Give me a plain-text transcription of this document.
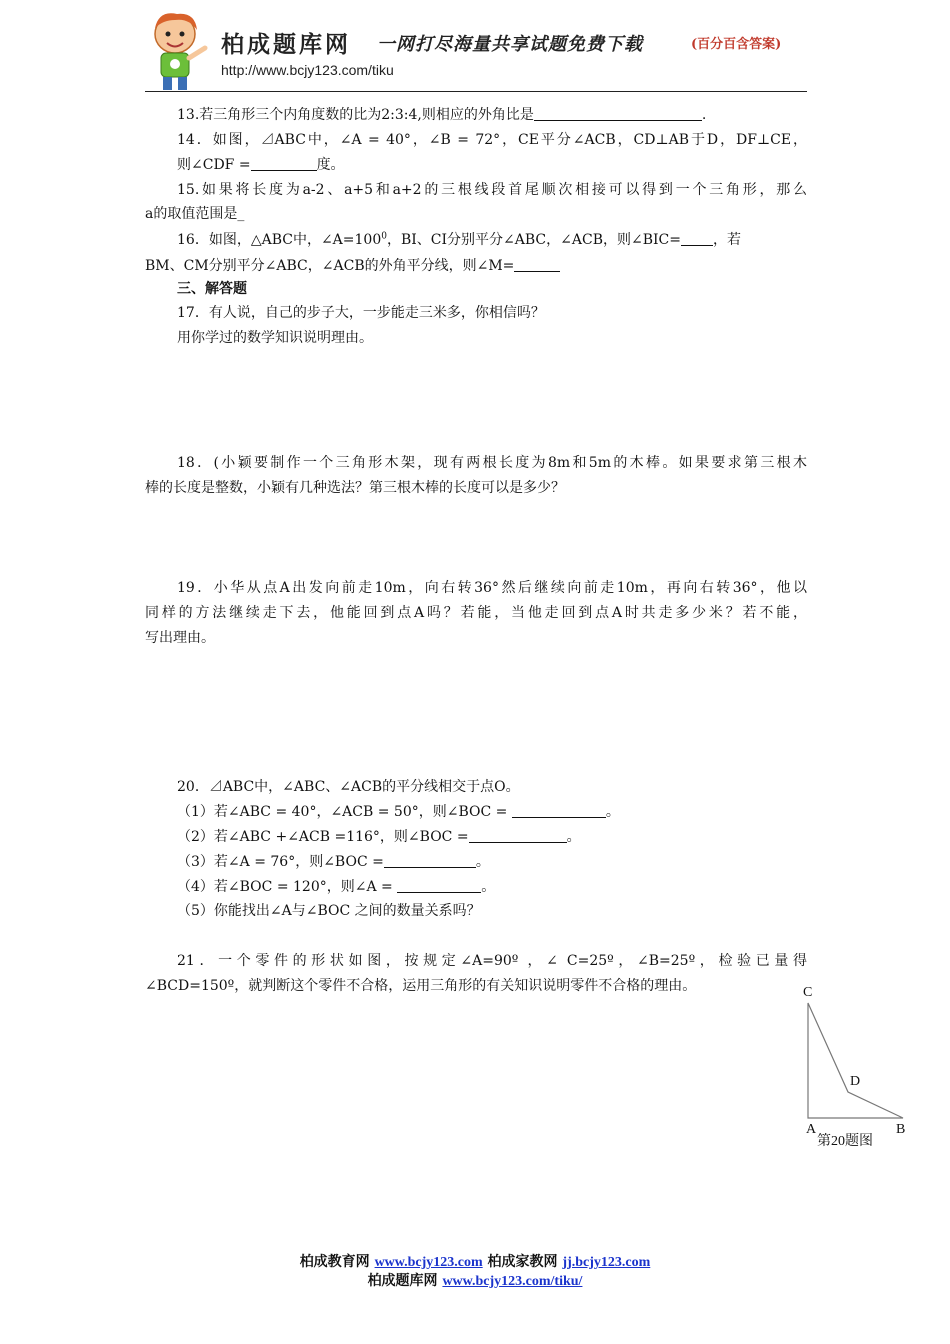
柏成题库网 一网打尽海量共享试题免费下载	(百分百含答案)
http://www.bcjy123.com/tiku
13.若三角形三个内角度数的比为2:3:4,则相应的外角比是	.
14．如图，⊿ABC中，∠A = 40°，∠B = 72°，CE平分∠ACB，CD⊥AB于D，DF⊥CE，
则∠CDF =	度。
15.如果将长度为a-2、a+5和a+2的三根线段首尾顺次相接可以得到一个三角形，那么
a的取值范围是_
16．如图，△ABC中，$\angle A=100^0$，BI、CI分别平分∠ABC，∠ACB，则∠BIC= ，若
BM、CM分别平分∠ABC，∠ACB的外角平分线，则∠M=
三、解答题
17．有人说，自己的步子大，一步能走三米多，你相信吗？
用你学过的数学知识说明理由。
18．(小颖要制作一个三角形木架，现有两根长度为8m和5m的木棒。如果要求第三根木
棒的长度是整数，小颖有几种选法？第三根木棒的长度可以是多少？
19．小华从点A出发向前走10m，向右转36°然后继续向前走10m，再向右转36°，他以
同样的方法继续走下去，他能回到点A吗？若能，当他走回到点A时共走多少米？若不能，
写出理由。
20．⊿ABC中，∠ABC、∠ACB的平分线相交于点O。
（1）若∠ABC = 40°，∠ACB = 50°，则∠BOC =	。
（2）若∠ABC +∠ACB =116°，则∠BOC =	。
（3）若∠A = 76°，则∠BOC =	。
（4）若∠BOC = 120°，则∠A =	。
（5）你能找出∠A与∠BOC 之间的数量关系吗？
21．一个零件的形状如图，按规定∠A=90º ，∠ C=25º，∠B=25º，检验已量得
∠BCD=150º，就判断这个零件不合格，运用三角形的有关知识说明零件不合格的理由。	C
D
A	B
第20题图
柏成教育网 www.bcjy123.com 柏成家教网 jj.bcjy123.com
柏成题库网 www.bcjy123.com/tiku/
